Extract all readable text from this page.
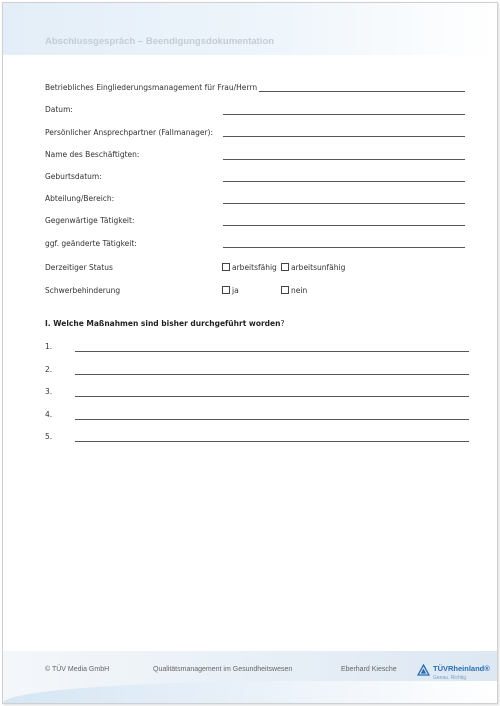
Abschlussgespräch – Beendigungsdokumentation
Betriebliches Eingliederungsmanagement für Frau/Herrn
Datum:
Persönlicher Ansprechpartner (Fallmanager):
Name des Beschäftigten:
Geburtsdatum:
Abteilung/Bereich:
Gegenwärtige Tätigkeit:
ggf. geänderte Tätigkeit:
Derzeitiger Status	arbeitsfähig	arbeitsunfähig
Schwerbehinderung	ja	nein
I. Welche Maßnahmen sind bisher durchgeführt worden?
1.
2.
3.
4.
5.
© TÜV Media GmbH	Qualitätsmanagement im Gesundheitswesen	Eberhard Kiesche	TÜVRheinland®
Genau. Richtig.
